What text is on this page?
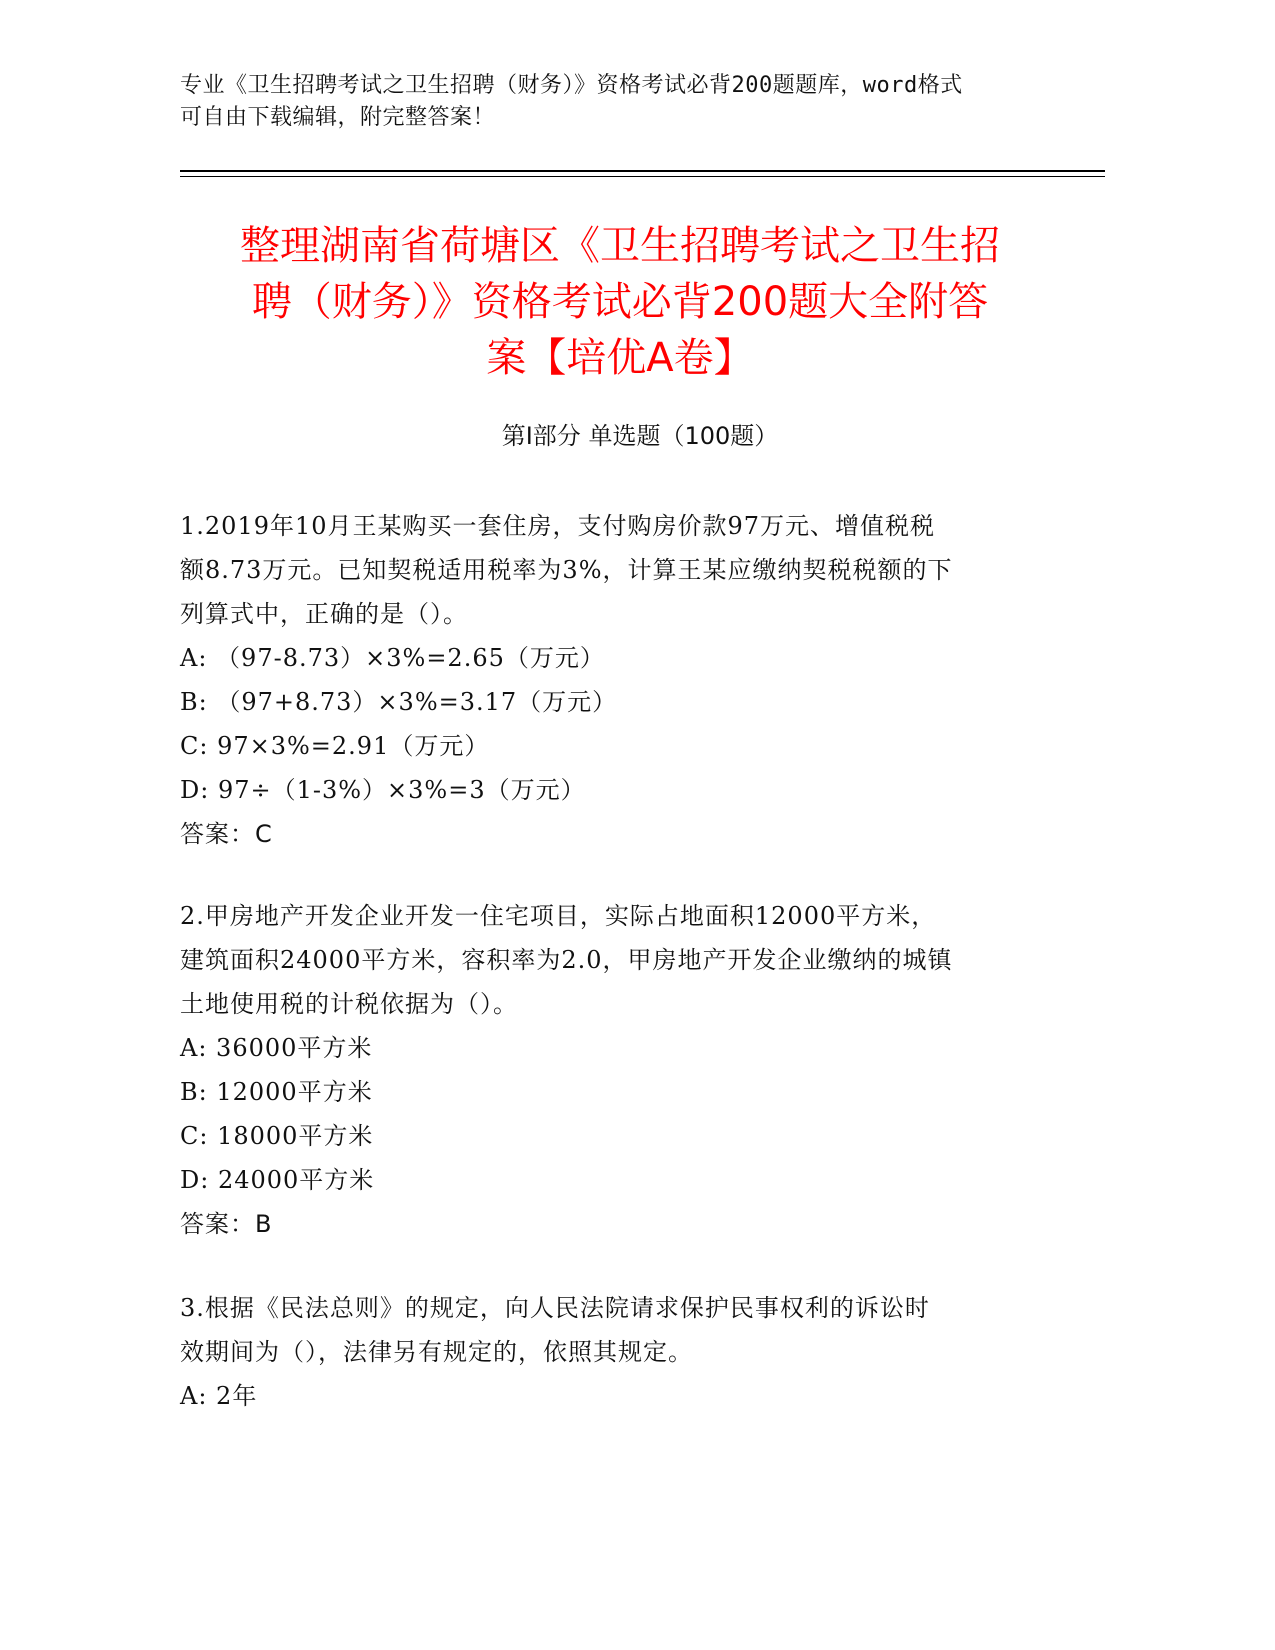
专业《卫生招聘考试之卫生招聘（财务）》资格考试必背200题题库，word格式
可自由下载编辑，附完整答案！
整理湖南省荷塘区《卫生招聘考试之卫生招
聘（财务）》资格考试必背200题大全附答
案【培优A卷】
第Ⅰ部分 单选题（100题）
1.2019年10月王某购买一套住房，支付购房价款97万元、增值税税
额8.73万元。已知契税适用税率为3%，计算王某应缴纳契税税额的下
列算式中，正确的是（）。
A: （97-8.73）×3%=2.65（万元）
B: （97+8.73）×3%=3.17（万元）
C: 97×3%=2.91（万元）
D: 97÷（1-3%）×3%=3（万元）
答案：C
2.甲房地产开发企业开发一住宅项目，实际占地面积12000平方米，
建筑面积24000平方米，容积率为2.0，甲房地产开发企业缴纳的城镇
土地使用税的计税依据为（）。
A: 36000平方米
B: 12000平方米
C: 18000平方米
D: 24000平方米
答案：B
3.根据《民法总则》的规定，向人民法院请求保护民事权利的诉讼时
效期间为（），法律另有规定的，依照其规定。
A: 2年
